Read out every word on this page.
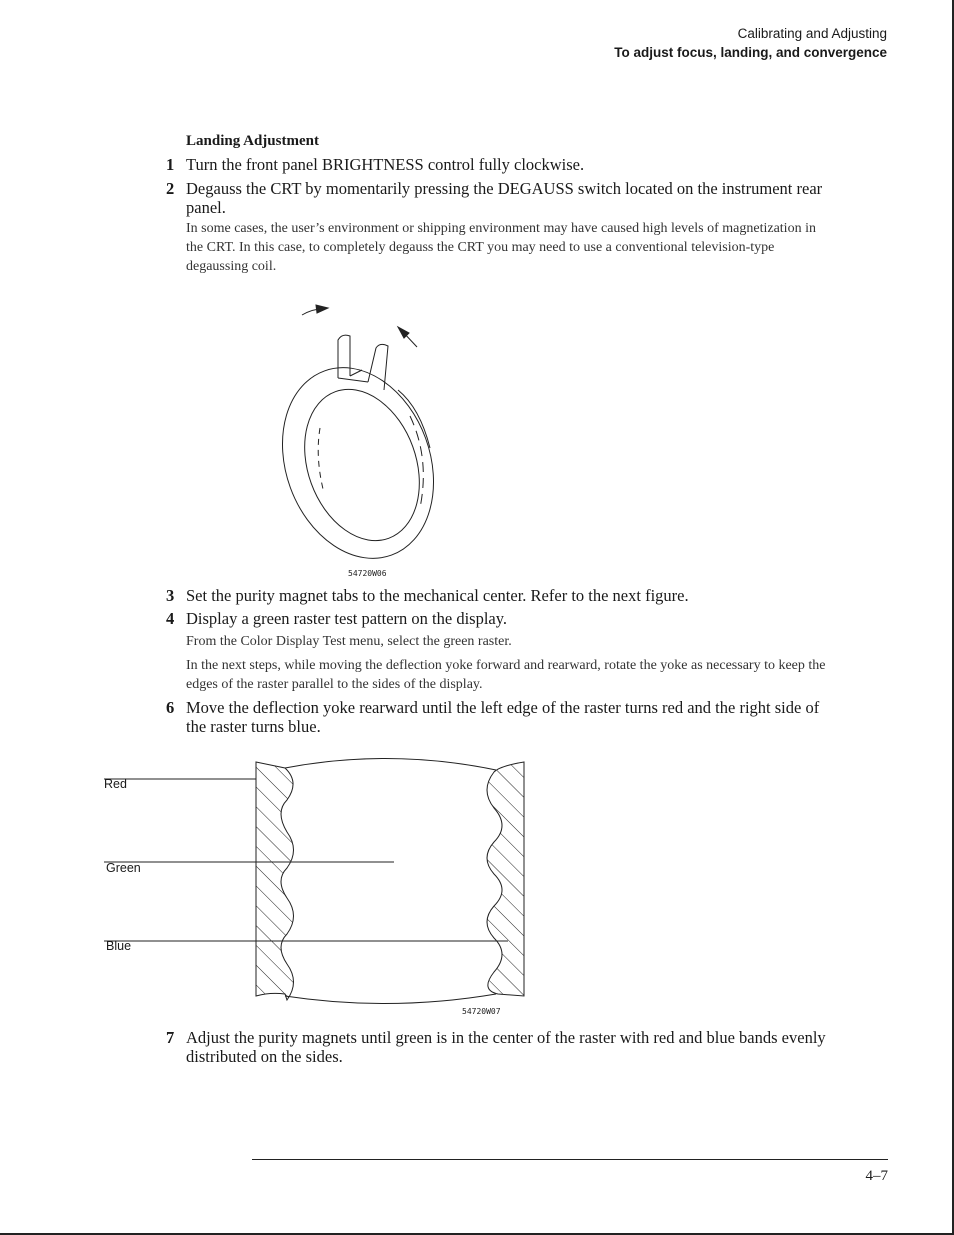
Calibrating and Adjusting
To adjust focus, landing, and convergence
Landing Adjustment
1 Turn the front panel BRIGHTNESS control fully clockwise.
2 Degauss the CRT by momentarily pressing the DEGAUSS switch located on the instrument rear panel.
In some cases, the user’s environment or shipping environment may have caused high levels of magnetization in the CRT. In this case, to completely degauss the CRT you may need to use a conventional television-type degaussing coil.
54720W06
3 Set the purity magnet tabs to the mechanical center. Refer to the next figure.
4 Display a green raster test pattern on the display.
From the Color Display Test menu, select the green raster.
In the next steps, while moving the deflection yoke forward and rearward, rotate the yoke as necessary to keep the edges of the raster parallel to the sides of the display.
6 Move the deflection yoke rearward until the left edge of the raster turns red and the right side of the raster turns blue.
54720W07
Red
Green
Blue
7 Adjust the purity magnets until green is in the center of the raster with red and blue bands evenly distributed on the sides.
4–7
